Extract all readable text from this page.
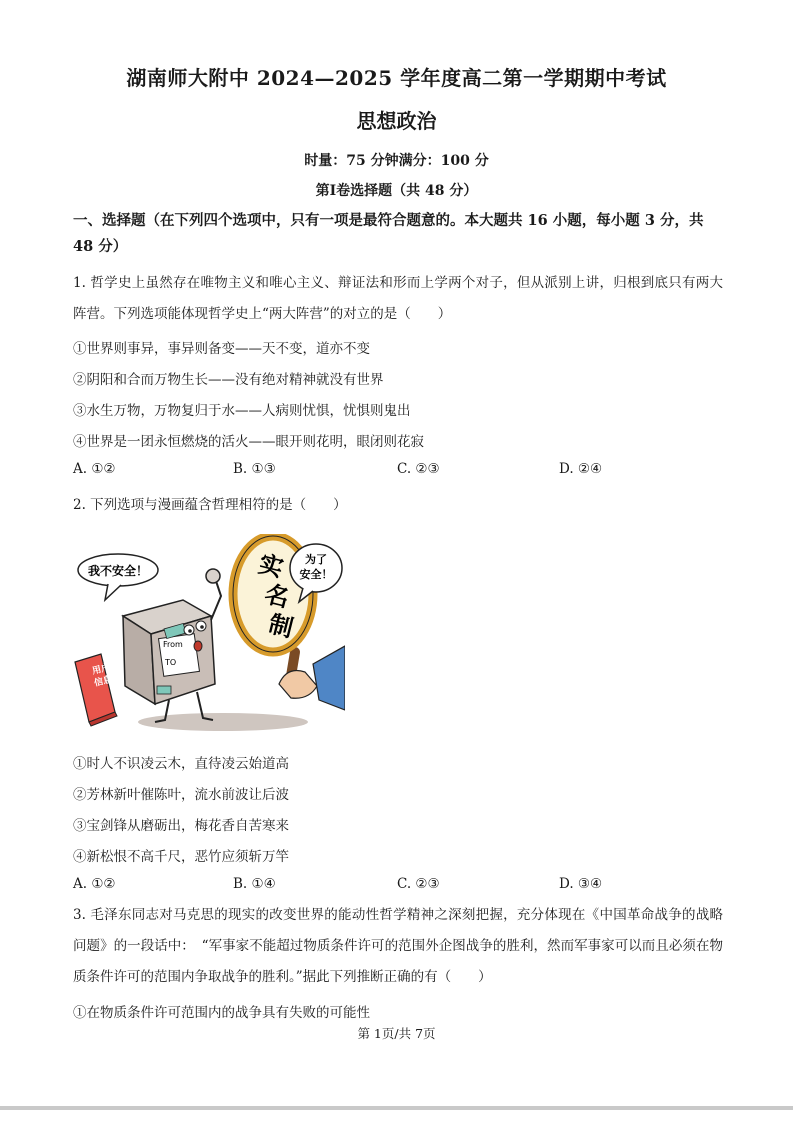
湖南师大附中 2024—2025 学年度高二第一学期期中考试
思想政治
时量：75 分钟满分：100 分
第Ⅰ卷选择题（共 48 分）
一、选择题（在下列四个选项中，只有一项是最符合题意的。本大题共 16 小题，每小题 3 分，共 48 分）
1. 哲学史上虽然存在唯物主义和唯心主义、辩证法和形而上学两个对子，但从派别上讲，归根到底只有两大阵营。下列选项能体现哲学史上“两大阵营”的对立的是（　　）
①世界则事异，事异则备变——天不变，道亦不变
②阴阳和合而万物生长——没有绝对精神就没有世界
③水生万物，万物复归于水——人病则忧惧，忧惧则鬼出
④世界是一团永恒燃烧的活火——眼开则花明，眼闭则花寂
A. ①②	B. ①③	C. ②③	D. ②④
2. 下列选项与漫画蕴含哲理相符的是（　　）
我不安全！
用户
信息
From
TO
实
名
制
为了
安全！
①时人不识凌云木，直待凌云始道高
②芳林新叶催陈叶，流水前波让后波
③宝剑锋从磨砺出，梅花香自苦寒来
④新松恨不高千尺，恶竹应须斩万竿
A. ①②	B. ①④	C. ②③	D. ③④
3. 毛泽东同志对马克思的现实的改变世界的能动性哲学精神之深刻把握，充分体现在《中国革命战争的战略问题》的一段话中：　“军事家不能超过物质条件许可的范围外企图战争的胜利，然而军事家可以而且必须在物质条件许可的范围内争取战争的胜利。”据此下列推断正确的有（　　）
①在物质条件许可范围内的战争具有失败的可能性
第 1页/共 7页
